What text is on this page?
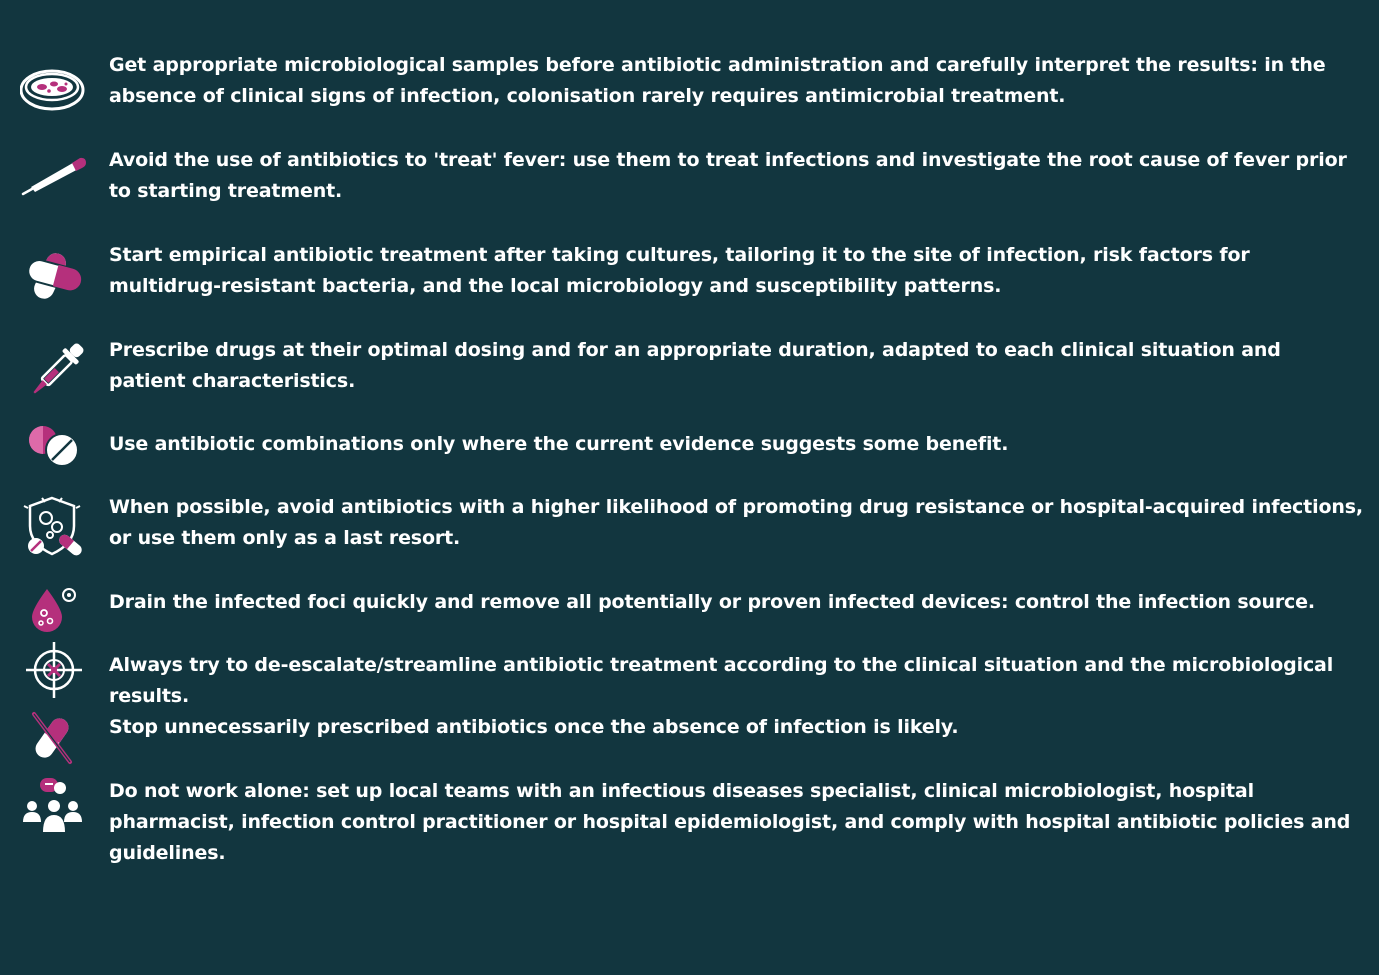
Get appropriate microbiological samples before antibiotic administration and carefully interpret the results: in the absence of clinical signs of infection, colonisation rarely requires antimicrobial treatment.

Avoid the use of antibiotics to 'treat' fever: use them to treat infections and investigate the root cause of fever prior to starting treatment.

Start empirical antibiotic treatment after taking cultures, tailoring it to the site of infection, risk factors for multidrug-resistant bacteria, and the local microbiology and susceptibility patterns.

Prescribe drugs at their optimal dosing and for an appropriate duration, adapted to each clinical situation and patient characteristics.

Use antibiotic combinations only where the current evidence suggests some benefit.

When possible, avoid antibiotics with a higher likelihood of promoting drug resistance or hospital-acquired infections, or use them only as a last resort.

Drain the infected foci quickly and remove all potentially or proven infected devices: control the infection source.

Always try to de-escalate/streamline antibiotic treatment according to the clinical situation and the microbiological results.

Stop unnecessarily prescribed antibiotics once the absence of infection is likely.

Do not work alone: set up local teams with an infectious diseases specialist, clinical microbiologist, hospital pharmacist, infection control practitioner or hospital epidemiologist, and comply with hospital antibiotic policies and guidelines.
